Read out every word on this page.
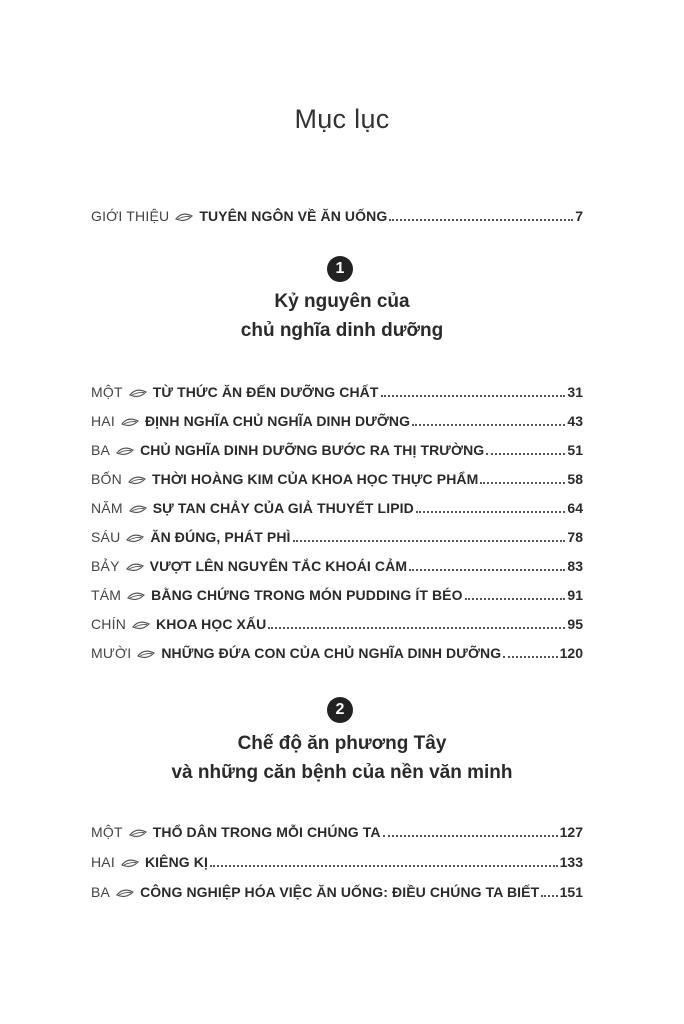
Mục lục
GIỚI THIỆU TUYÊN NGÔN VỀ ĂN UỐNG	7
1
Kỷ nguyên của
chủ nghĩa dinh dưỡng
MỘT TỪ THỨC ĂN ĐẾN DƯỠNG CHẤT	31
HAI ĐỊNH NGHĨA CHỦ NGHĨA DINH DƯỠNG	43
BA CHỦ NGHĨA DINH DƯỠNG BƯỚC RA THỊ TRƯỜNG	51
BỐN THỜI HOÀNG KIM CỦA KHOA HỌC THỰC PHẨM	58
NĂM SỰ TAN CHẢY CỦA GIẢ THUYẾT LIPID	64
SÁU ĂN ĐÚNG, PHÁT PHÌ	78
BẢY VƯỢT LÊN NGUYÊN TẮC KHOÁI CẢM	83
TÁM BẰNG CHỨNG TRONG MÓN PUDDING ÍT BÉO	91
CHÍN KHOA HỌC XẤU	95
MƯỜI NHỮNG ĐỨA CON CỦA CHỦ NGHĨA DINH DƯỠNG	120
2
Chế độ ăn phương Tây
và những căn bệnh của nền văn minh
MỘT THỔ DÂN TRONG MỖI CHÚNG TA	127
HAI KIÊNG KỊ	133
BA CÔNG NGHIỆP HÓA VIỆC ĂN UỐNG: ĐIỀU CHÚNG TA BIẾT 151
